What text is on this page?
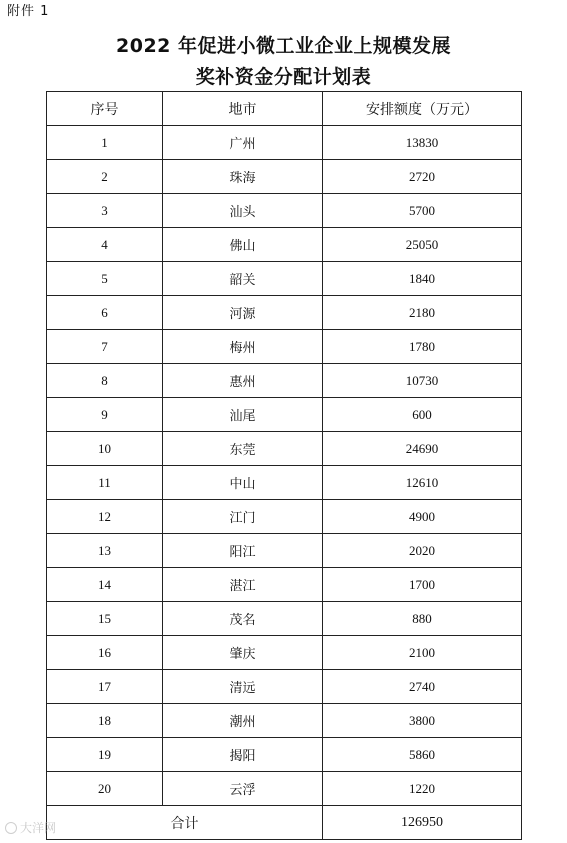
附件 1
2022 年促进小微工业企业上规模发展
奖补资金分配计划表
序号	地市	安排额度（万元）
1	广州	13830
2	珠海	2720
3	汕头	5700
4	佛山	25050
5	韶关	1840
6	河源	2180
7	梅州	1780
8	惠州	10730
9	汕尾	600
10	东莞	24690
11	中山	12610
12	江门	4900
13	阳江	2020
14	湛江	1700
15	茂名	880
16	肇庆	2100
17	清远	2740
18	潮州	3800
19	揭阳	5860
20	云浮	1220
合计		126950
大洋网
